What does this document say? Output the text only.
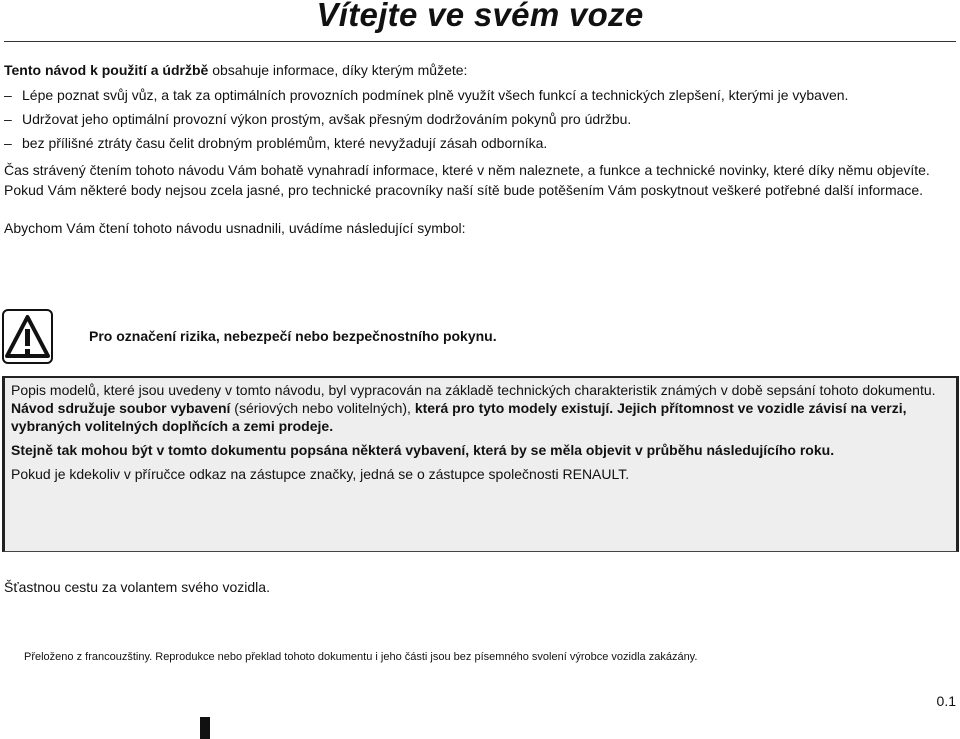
Vítejte ve svém voze
Tento návod k použití a údržbě obsahuje informace, díky kterým můžete:
– Lépe poznat svůj vůz, a tak za optimálních provozních podmínek plně využít všech funkcí a technických zlepšení, kterými je vybaven.
– Udržovat jeho optimální provozní výkon prostým, avšak přesným dodržováním pokynů pro údržbu.
– bez přílišné ztráty času čelit drobným problémům, které nevyžadují zásah odborníka.
Čas strávený čtením tohoto návodu Vám bohatě vynahradí informace, které v něm naleznete, a funkce a technické novinky, které díky němu objevíte. Pokud Vám některé body nejsou zcela jasné, pro technické pracovníky naší sítě bude potěšením Vám poskytnout veškeré potřebné další informace.
Abychom Vám čtení tohoto návodu usnadnili, uvádíme následující symbol:
Pro označení rizika, nebezpečí nebo bezpečnostního pokynu.
Popis modelů, které jsou uvedeny v tomto návodu, byl vypracován na základě technických charakteristik známých v době sepsání tohoto dokumentu. Návod sdružuje soubor vybavení (sériových nebo volitelných), která pro tyto modely existují. Jejich přítomnost ve vozidle závisí na verzi, vybraných volitelných doplňcích a zemi prodeje.
Stejně tak mohou být v tomto dokumentu popsána některá vybavení, která by se měla objevit v průběhu následujícího roku.
Pokud je kdekoliv v příručce odkaz na zástupce značky, jedná se o zástupce společnosti RENAULT.
Šťastnou cestu za volantem svého vozidla.
Přeloženo z francouzštiny. Reprodukce nebo překlad tohoto dokumentu i jeho části jsou bez písemného svolení výrobce vozidla zakázány.
0.1
